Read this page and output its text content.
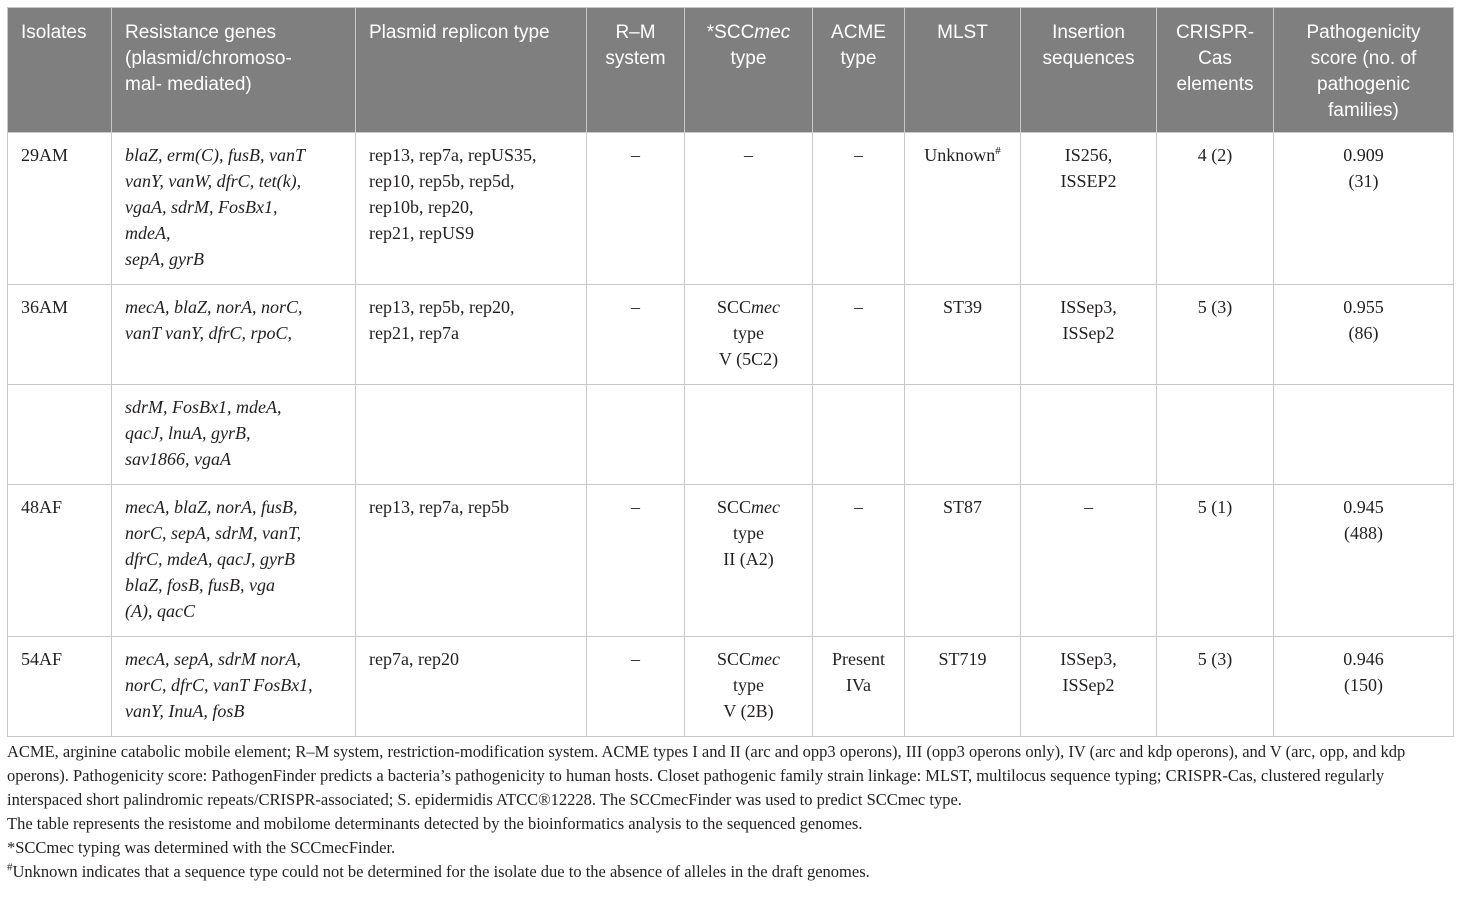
Isolates	Resistance genes
(plasmid/chromoso-
mal- mediated)	Plasmid replicon type	R–M
system	*SCCmec
type	ACME
type	MLST	Insertion
sequences	CRISPR-
Cas
elements	Pathogenicity
score (no. of
pathogenic
families)

29AM	blaZ, erm(C), fusB, vanT
vanY, vanW, dfrC, tet(k),
vgaA, sdrM, FosBx1,
mdeA,
sepA, gyrB	rep13, rep7a, repUS35,
rep10, rep5b, rep5d,
rep10b, rep20,
rep21, repUS9	–	–	–	Unknown#	IS256,
ISSEP2	4 (2)	0.909
(31)

36AM	mecA, blaZ, norA, norC,
vanT vanY, dfrC, rpoC,	rep13, rep5b, rep20,
rep21, rep7a	–	SCCmec
type
V (5C2)	–	ST39	ISSep3,
ISSep2	5 (3)	0.955
(86)

	sdrM, FosBx1, mdeA,
qacJ, lnuA, gyrB,
sav1866, vgaA								

48AF	mecA, blaZ, norA, fusB,
norC, sepA, sdrM, vanT,
dfrC, mdeA, qacJ, gyrB
blaZ, fosB, fusB, vga
(A), qacC	rep13, rep7a, rep5b	–	SCCmec
type
II (A2)	–	ST87	–	5 (1)	0.945
(488)

54AF	mecA, sepA, sdrM norA,
norC, dfrC, vanT FosBx1,
vanY, InuA, fosB	rep7a, rep20	–	SCCmec
type
V (2B)	Present
IVa	ST719	ISSep3,
ISSep2	5 (3)	0.946
(150)

ACME, arginine catabolic mobile element; R–M system, restriction-modification system. ACME types I and II (arc and opp3 operons), III (opp3 operons only), IV (arc and kdp operons), and V (arc, opp, and kdp operons). Pathogenicity score: PathogenFinder predicts a bacteria’s pathogenicity to human hosts. Closet pathogenic family strain linkage: MLST, multilocus sequence typing; CRISPR-Cas, clustered regularly interspaced short palindromic repeats/CRISPR-associated; S. epidermidis ATCC®12228. The SCCmecFinder was used to predict SCCmec type.

The table represents the resistome and mobilome determinants detected by the bioinformatics analysis to the sequenced genomes.

*SCCmec typing was determined with the SCCmecFinder.

#Unknown indicates that a sequence type could not be determined for the isolate due to the absence of alleles in the draft genomes.
